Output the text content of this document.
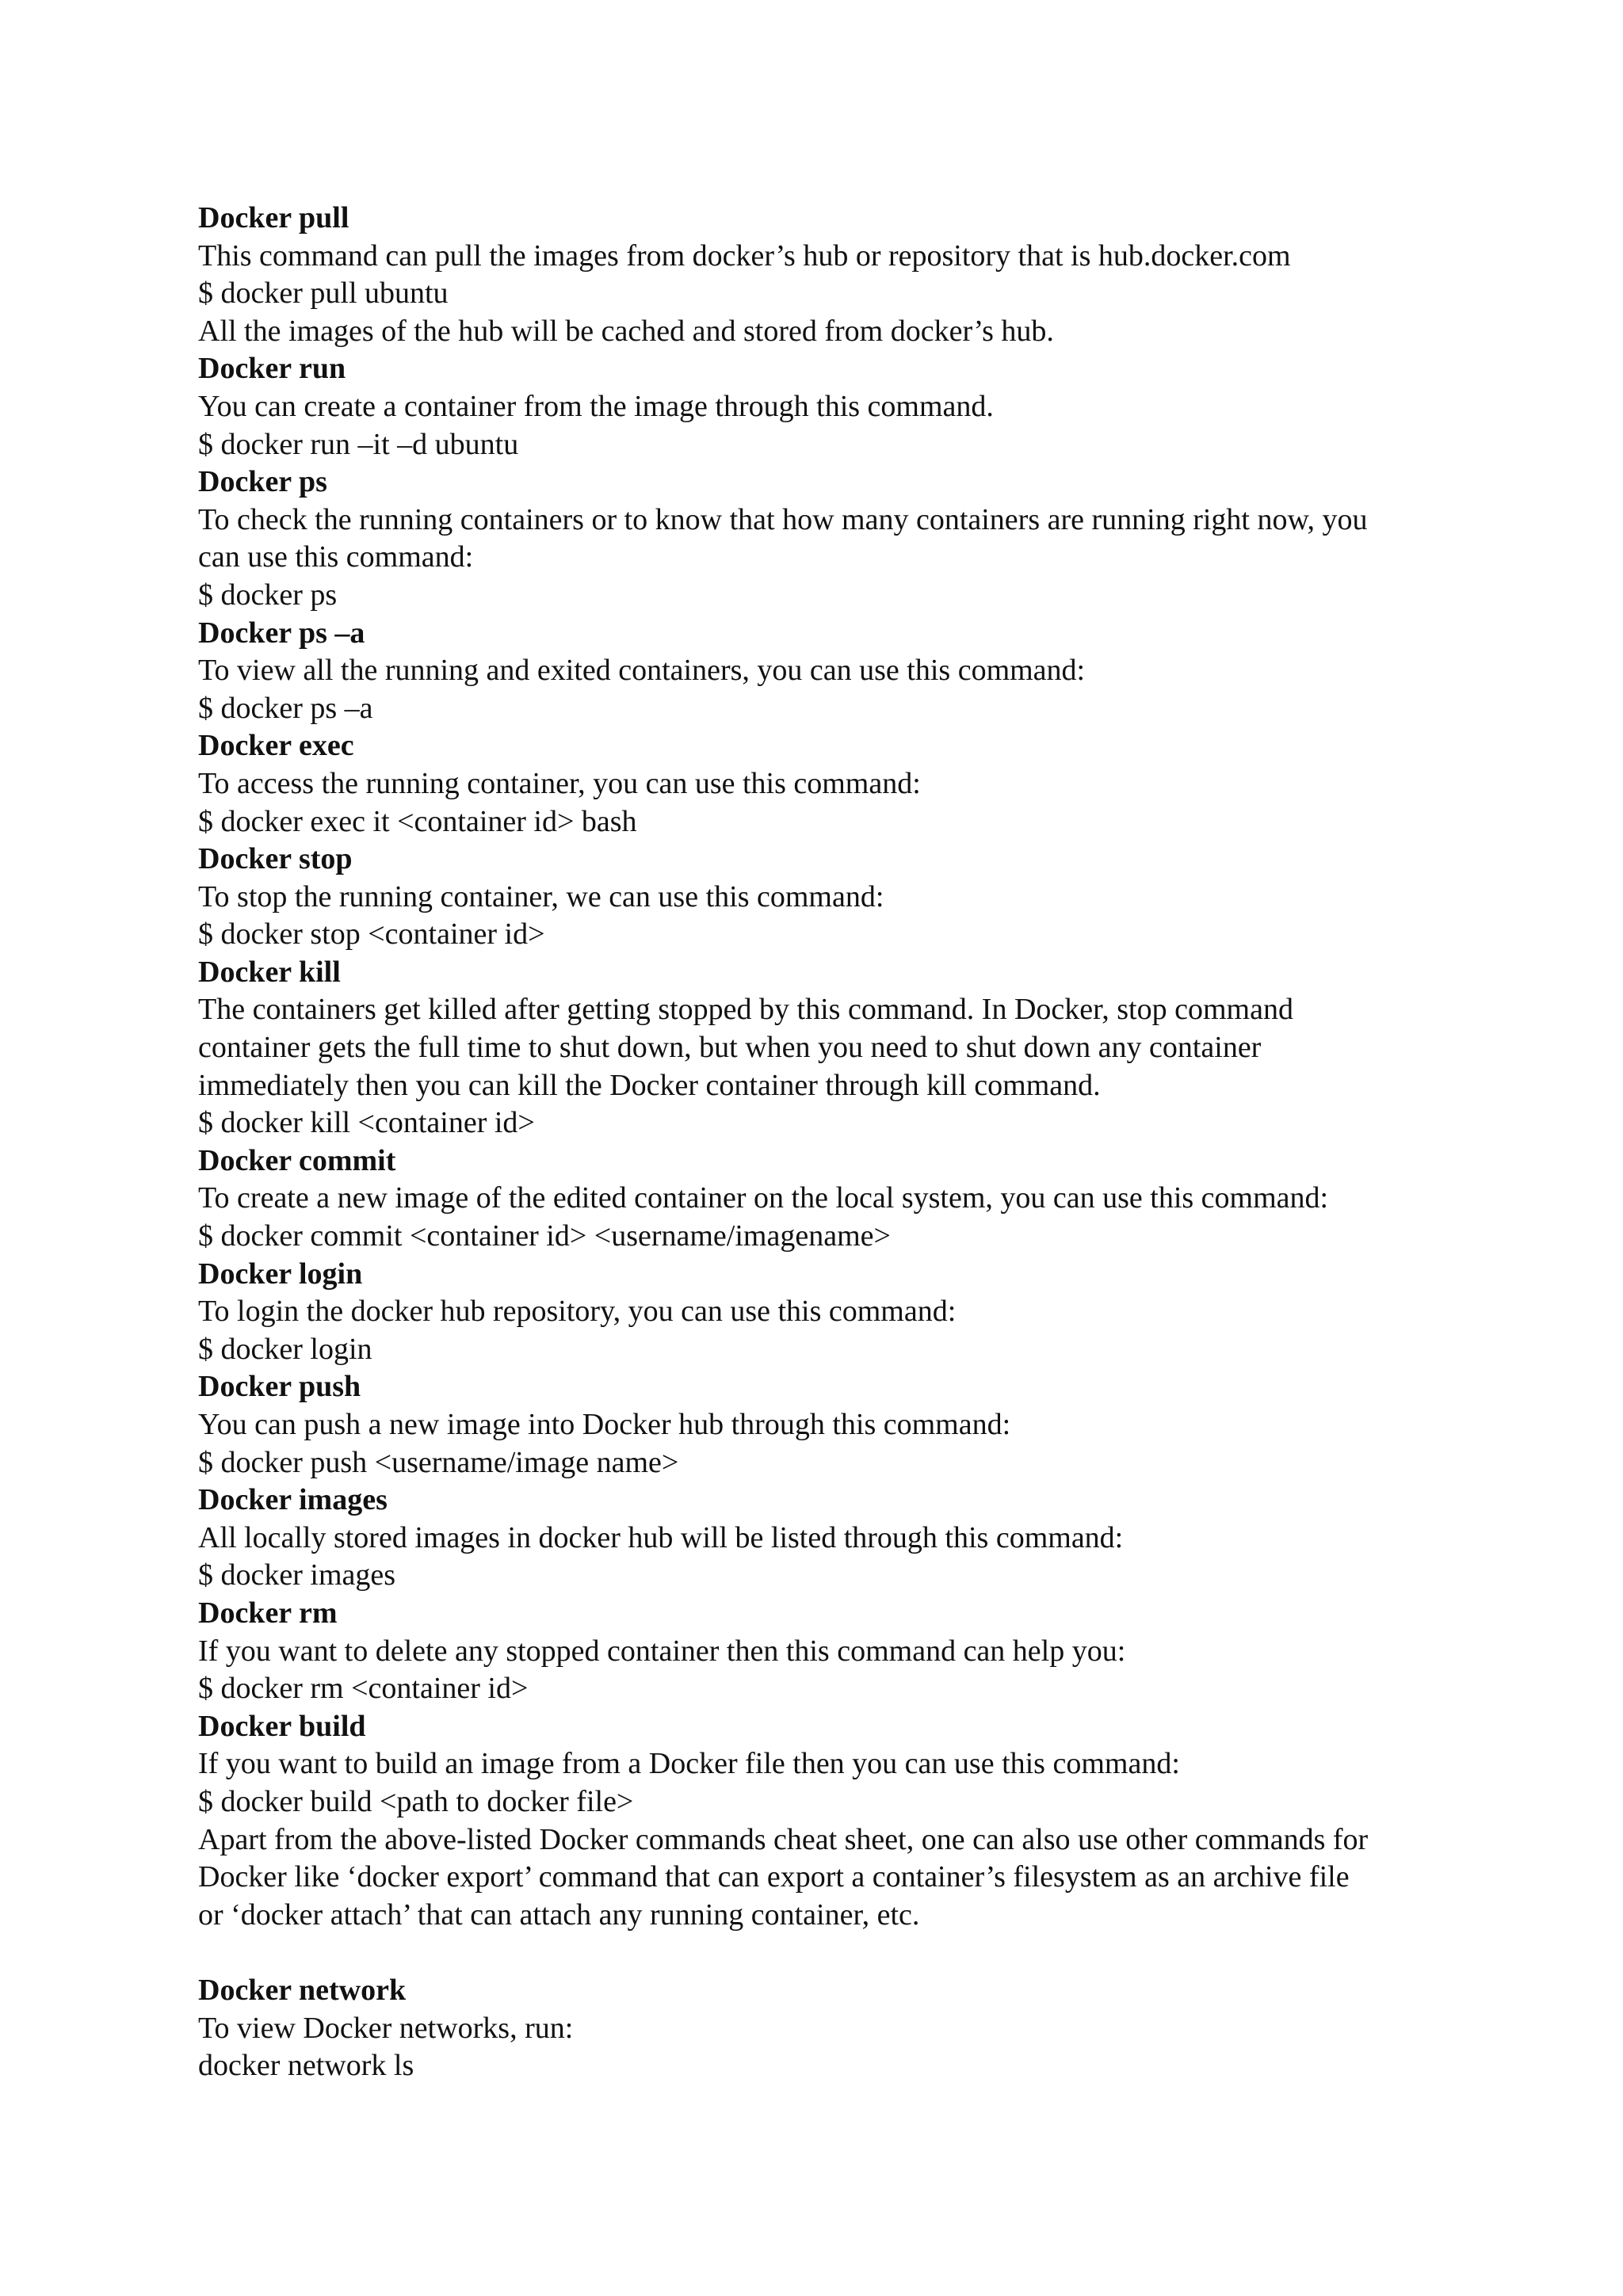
Docker pull

This command can pull the images from docker’s hub or repository that is hub.docker.com

$ docker pull ubuntu

All the images of the hub will be cached and stored from docker’s hub.

Docker run

You can create a container from the image through this command.

$ docker run –it –d ubuntu

Docker ps

To check the running containers or to know that how many containers are running right now, you

can use this command:

$ docker ps

Docker ps –a

To view all the running and exited containers, you can use this command:

$ docker ps –a

Docker exec

To access the running container, you can use this command:

$ docker exec it <container id> bash

Docker stop

To stop the running container, we can use this command:

$ docker stop <container id>

Docker kill

The containers get killed after getting stopped by this command. In Docker, stop command

container gets the full time to shut down, but when you need to shut down any container

immediately then you can kill the Docker container through kill command.

$ docker kill <container id>

Docker commit

To create a new image of the edited container on the local system, you can use this command:

$ docker commit <container id> <username/imagename>

Docker login

To login the docker hub repository, you can use this command:

$ docker login

Docker push

You can push a new image into Docker hub through this command:

$ docker push <username/image name>

Docker images

All locally stored images in docker hub will be listed through this command:

$ docker images

Docker rm

If you want to delete any stopped container then this command can help you:

$ docker rm <container id>

Docker build

If you want to build an image from a Docker file then you can use this command:

$ docker build <path to docker file>

Apart from the above-listed Docker commands cheat sheet, one can also use other commands for

Docker like ‘docker export’ command that can export a container’s filesystem as an archive file

or ‘docker attach’ that can attach any running container, etc.

Docker network

To view Docker networks, run:

docker network ls
